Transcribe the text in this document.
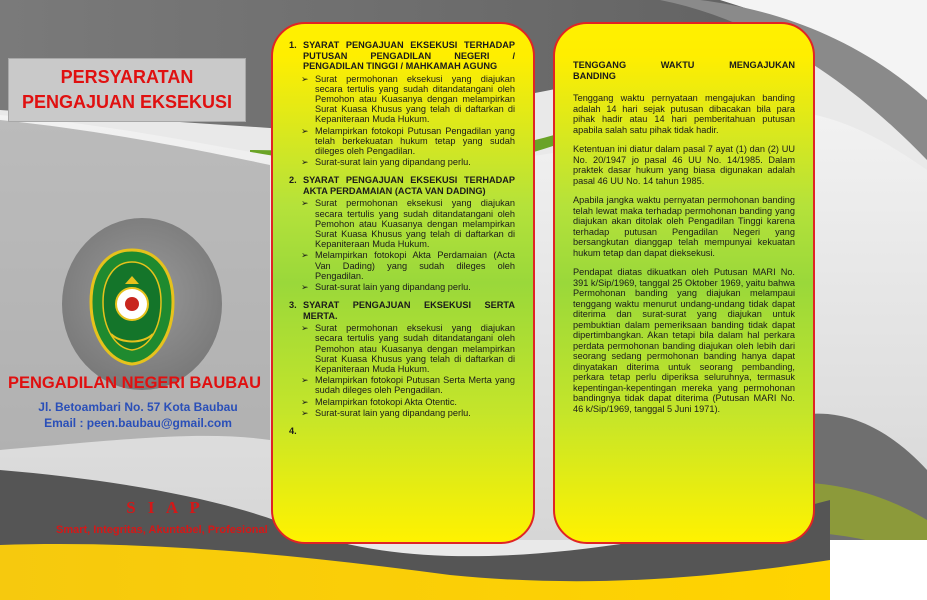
PERSYARATAN
PENGAJUAN EKSEKUSI
PENGADILAN NEGERI BAUBAU
Jl. Betoambari No. 57 Kota Baubau
Email : peen.baubau@gmail.com
S I A P
Smart, Integritas, Akuntabel, Profesional
1. SYARAT PENGAJUAN EKSEKUSI TERHADAP PUTUSAN PENGADILAN NEGERI / PENGADILAN TINGGI / MAHKAMAH AGUNG
➢ Surat permohonan eksekusi yang diajukan secara tertulis yang sudah ditandatangani oleh Pemohon atau Kuasanya dengan melampirkan Surat Kuasa Khusus yang telah di daftarkan di Kepaniteraan Muda Hukum.
➢ Melampirkan fotokopi Putusan Pengadilan yang telah berkekuatan hukum tetap yang sudah dileges oleh Pengadilan.
➢ Surat-surat lain yang dipandang perlu.
2. SYARAT PENGAJUAN EKSEKUSI TERHADAP AKTA PERDAMAIAN (ACTA VAN DADING)
➢ Surat permohonan eksekusi yang diajukan secara tertulis yang sudah ditandatangani oleh Pemohon atau Kuasanya dengan melampirkan Surat Kuasa Khusus yang telah di daftarkan di Kepaniteraan Muda Hukum.
➢ Melampirkan fotokopi Akta Perdamaian (Acta Van Dading) yang sudah dileges oleh Pengadilan.
➢ Surat-surat lain yang dipandang perlu.
3. SYARAT PENGAJUAN EKSEKUSI SERTA MERTA.
➢ Surat permohonan eksekusi yang diajukan secara tertulis yang sudah ditandatangani oleh Pemohon atau Kuasanya dengan melampirkan Surat Kuasa Khusus yang telah di daftarkan di Kepaniteraan Muda Hukum.
➢ Melampirkan fotokopi Putusan Serta Merta yang sudah dileges oleh Pengadilan.
➢ Melampirkan fotokopi Akta Otentic.
➢ Surat-surat lain yang dipandang perlu.
4.
TENGGANG	WAKTU	MENGAJUKAN
BANDING

Tenggang waktu pernyataan mengajukan banding adalah 14 hari sejak putusan dibacakan bila para pihak hadir atau 14 hari pemberitahuan putusan apabila salah satu pihak tidak hadir.

Ketentuan ini diatur dalam pasal 7 ayat (1) dan (2) UU No. 20/1947 jo pasal 46 UU No. 14/1985. Dalam praktek dasar hukum yang biasa digunakan adalah pasal 46 UU No. 14 tahun 1985.

Apabila jangka waktu pernyatan permohonan banding telah lewat maka terhadap permohonan banding yang diajukan akan ditolak oleh Pengadilan Tinggi karena terhadap putusan Pengadilan Negeri yang bersangkutan dianggap telah mempunyai kekuatan hukum tetap dan dapat dieksekusi.

Pendapat diatas dikuatkan oleh Putusan MARI No. 391 k/Sip/1969, tanggal 25 Oktober 1969, yaitu bahwa Permohonan banding yang diajukan melampaui tenggang waktu menurut undang-undang tidak dapat diterima dan surat-surat yang diajukan untuk pembuktian dalam pemeriksaan banding tidak dapat dipertimbangkan. Akan tetapi bila dalam hal perkara perdata permohonan banding diajukan oleh lebih dari seorang sedang permohonan banding hanya dapat dinyatakan diterima untuk seorang pembanding, perkara tetap perlu diperiksa seluruhnya, termasuk kepentingan-kepentingan mereka yang permohonan bandingnya tidak dapat diterima (Putusan MARI No. 46 k/Sip/1969, tanggal 5 Juni 1971).
